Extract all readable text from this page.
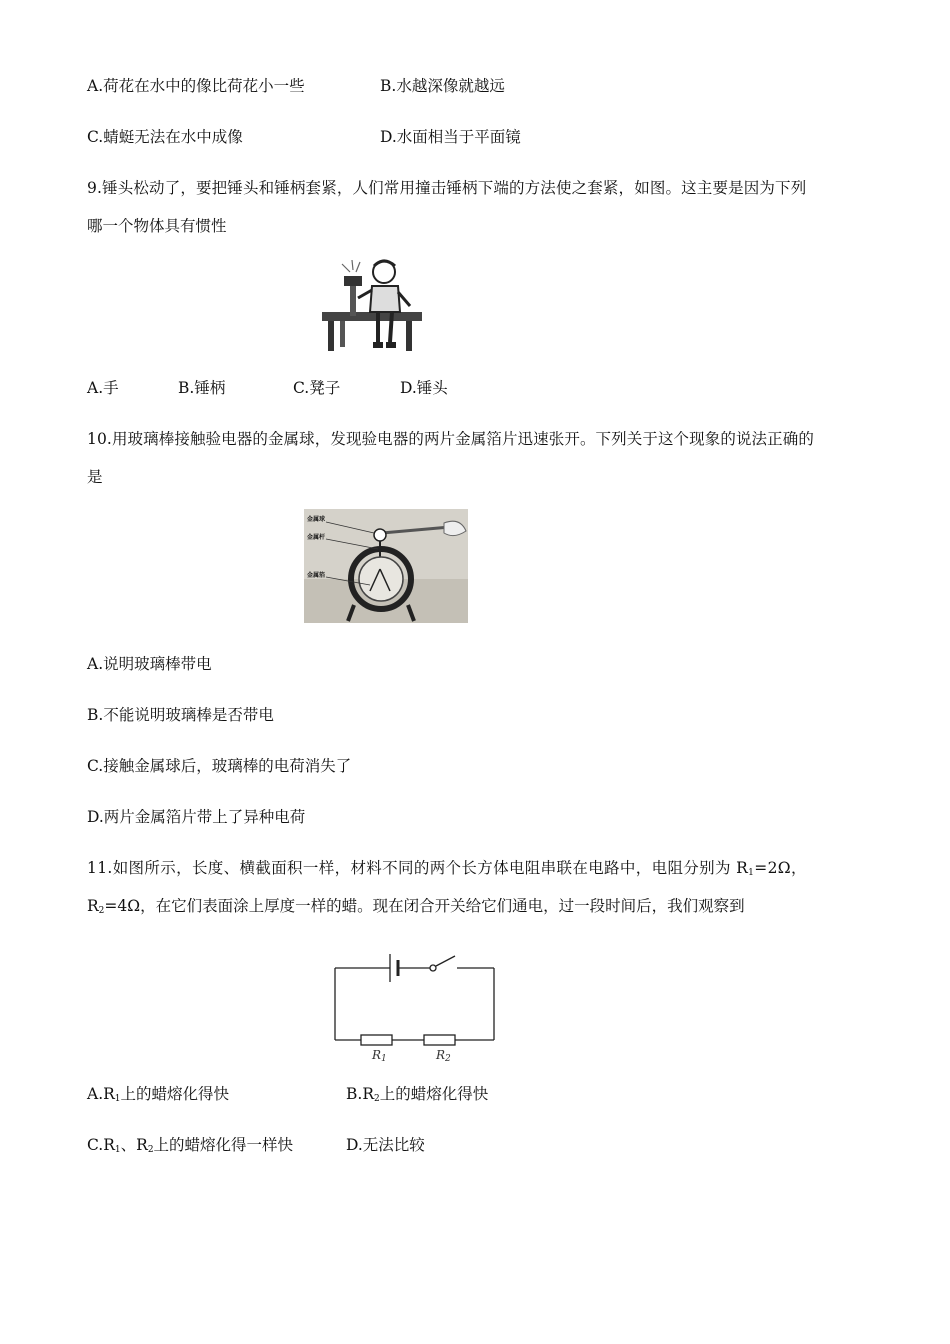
A.荷花在水中的像比荷花小一些	B.水越深像就越远
C.蜻蜓无法在水中成像	D.水面相当于平面镜
9.锤头松动了，要把锤头和锤柄套紧，人们常用撞击锤柄下端的方法使之套紧，如图。这主要是因为下列
哪一个物体具有惯性
A.手	B.锤柄	C.凳子	D.锤头
10.用玻璃棒接触验电器的金属球，发现验电器的两片金属箔片迅速张开。下列关于这个现象的说法正确的
是
金属球
金属杆
金属箔
A.说明玻璃棒带电
B.不能说明玻璃棒是否带电
C.接触金属球后，玻璃棒的电荷消失了
D.两片金属箔片带上了异种电荷
11.如图所示，长度、横截面积一样，材料不同的两个长方体电阻串联在电路中，电阻分别为 $R_1=2\Omega$，
$R_2=4\Omega$，在它们表面涂上厚度一样的蜡。现在闭合开关给它们通电，过一段时间后，我们观察到
$R_1$	$R_2$
$A.R_1$上的蜡熔化得快	$B.R_2$上的蜡熔化得快
$C.R_1$、$R_2$上的蜡熔化得一样快	D.无法比较
